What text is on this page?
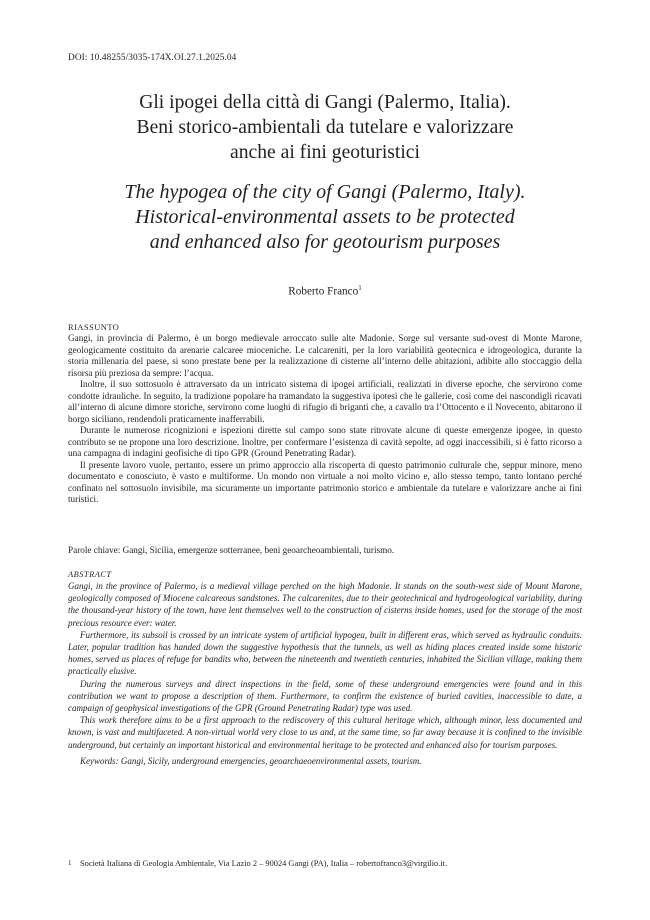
DOI: 10.48255/3035-174X.OI.27.1.2025.04
Gli ipogei della città di Gangi (Palermo, Italia).
Beni storico-ambientali da tutelare e valorizzare
anche ai fini geoturistici
The hypogea of the city of Gangi (Palermo, Italy).
Historical-environmental assets to be protected
and enhanced also for geotourism purposes
Roberto Franco$^1$
RIASSUNTO

Gangi, in provincia di Palermo, è un borgo medievale arroccato sulle alte Madonie. Sorge sul versante sud-ovest di Monte Marone, geologicamente costituito da arenarie calcaree mioceniche. Le calcareniti, per la loro variabilità geotecnica e idrogeologica, durante la storia millenaria del paese, si sono prestate bene per la realizzazione di cisterne all’interno delle abitazioni, adibite allo stoccaggio della risorsa più preziosa da sempre: l’acqua.

Inoltre, il suo sottosuolo è attraversato da un intricato sistema di ipogei artificiali, realizzati in diverse epoche, che servirono come condotte idrauliche. In seguito, la tradizione popolare ha tramandato la suggestiva ipotesi che le gallerie, così come dei nascondigli ricavati all’interno di alcune dimore storiche, servirono come luoghi di rifugio di briganti che, a cavallo tra l’Ottocento e il Novecento, abitarono il borgo siciliano, rendendoli praticamente inafferrabili.

Durante le numerose ricognizioni e ispezioni dirette sul campo sono state ritrovate alcune di queste emergenze ipogee, in questo contributo se ne propone una loro descrizione. Inoltre, per confermare l’esistenza di cavità sepolte, ad oggi inaccessibili, si è fatto ricorso a una campagna di indagini geofisiche di tipo GPR (Ground Penetrating Radar).

Il presente lavoro vuole, pertanto, essere un primo approccio alla riscoperta di questo patrimonio culturale che, seppur minore, meno documentato e conosciuto, è vasto e multiforme. Un mondo non virtuale a noi molto vicino e, allo stesso tempo, tanto lontano perché confinato nel sottosuolo invisibile, ma sicuramente un importante patrimonio storico e ambientale da tutelare e valorizzare anche ai fini turistici.

Parole chiave: Gangi, Sicilia, emergenze sotterranee, beni geoarcheoambientali, turismo.

ABSTRACT

Gangi, in the province of Palermo, is a medieval village perched on the high Madonie. It stands on the south-west side of Mount Marone, geologically composed of Miocene calcareous sandstones. The calcarenites, due to their geotechnical and hydrogeological variability, during the thousand-year history of the town, have lent themselves well to the construction of cisterns inside homes, used for the storage of the most precious resource ever: water.

Furthermore, its subsoil is crossed by an intricate system of artificial hypogea, built in different eras, which served as hydraulic conduits. Later, popular tradition has handed down the suggestive hypothesis that the tunnels, as well as hiding places created inside some historic homes, served as places of refuge for bandits who, between the nineteenth and twentieth centuries, inhabited the Sicilian village, making them practically elusive.

During the numerous surveys and direct inspections in the field, some of these underground emergencies were found and in this contribution we want to propose a description of them. Furthermore, to confirm the existence of buried cavities, inaccessible to date, a campaign of geophysical investigations of the GPR (Ground Penetrating Radar) type was used.

This work therefore aims to be a first approach to the rediscovery of this cultural heritage which, although minor, less documented and known, is vast and multifaceted. A non-virtual world very close to us and, at the same time, so far away because it is confined to the invisible underground, but certainly an important historical and environmental heritage to be protected and enhanced also for tourism purposes.

Keywords: Gangi, Sicily, underground emergencies, geoarchaeoenvironmental assets, tourism.
1 Società Italiana di Geologia Ambientale, Via Lazio 2 – 90024 Gangi (PA), Italia – robertofranco3@virgilio.it.
